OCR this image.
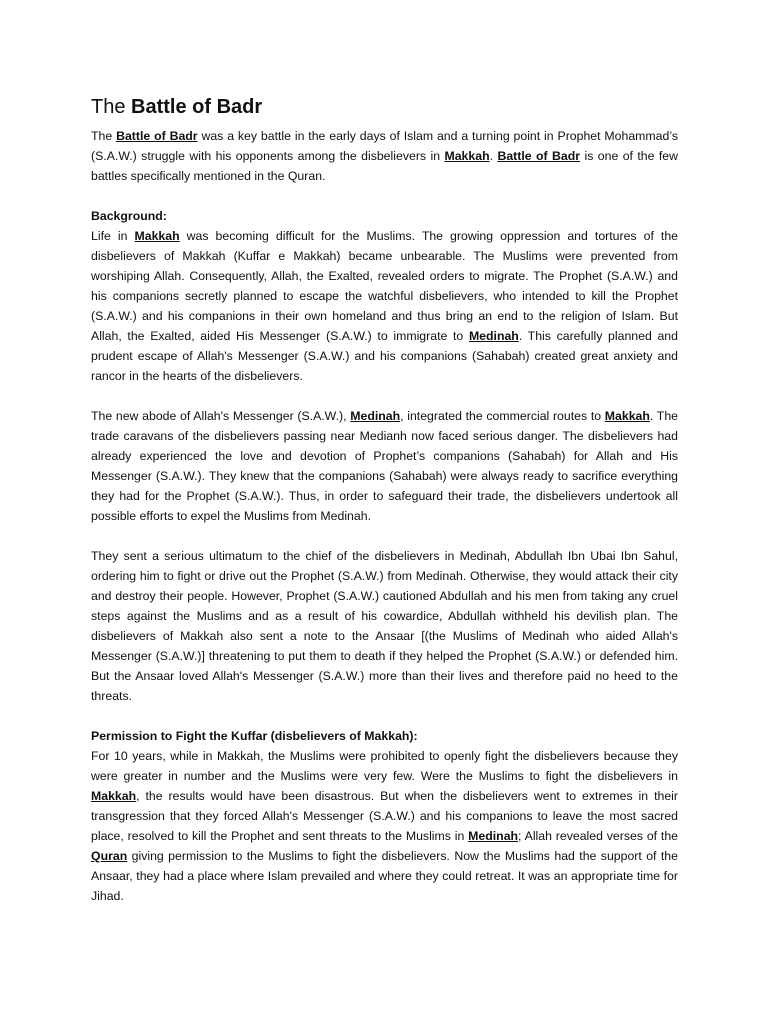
The Battle of Badr

The Battle of Badr was a key battle in the early days of Islam and a turning point in Prophet Mohammad’s (S.A.W.) struggle with his opponents among the disbelievers in Makkah. Battle of Badr is one of the few battles specifically mentioned in the Quran.

Background:
Life in Makkah was becoming difficult for the Muslims. The growing oppression and tortures of the disbelievers of Makkah (Kuffar e Makkah) became unbearable. The Muslims were prevented from worshiping Allah. Consequently, Allah, the Exalted, revealed orders to migrate. The Prophet (S.A.W.) and his companions secretly planned to escape the watchful disbelievers, who intended to kill the Prophet (S.A.W.) and his companions in their own homeland and thus bring an end to the religion of Islam. But Allah, the Exalted, aided His Messenger (S.A.W.) to immigrate to Medinah. This carefully planned and prudent escape of Allah's Messenger (S.A.W.) and his companions (Sahabah) created great anxiety and rancor in the hearts of the disbelievers.

The new abode of Allah's Messenger (S.A.W.), Medinah, integrated the commercial routes to Makkah. The trade caravans of the disbelievers passing near Medianh now faced serious danger. The disbelievers had already experienced the love and devotion of Prophet’s companions (Sahabah) for Allah and His Messenger (S.A.W.). They knew that the companions (Sahabah) were always ready to sacrifice everything they had for the Prophet (S.A.W.). Thus, in order to safeguard their trade, the disbelievers undertook all possible efforts to expel the Muslims from Medinah.

They sent a serious ultimatum to the chief of the disbelievers in Medinah, Abdullah Ibn Ubai Ibn Sahul, ordering him to fight or drive out the Prophet (S.A.W.) from Medinah. Otherwise, they would attack their city and destroy their people. However, Prophet (S.A.W.) cautioned Abdullah and his men from taking any cruel steps against the Muslims and as a result of his cowardice, Abdullah withheld his devilish plan. The disbelievers of Makkah also sent a note to the Ansaar [(the Muslims of Medinah who aided Allah's Messenger (S.A.W.)] threatening to put them to death if they helped the Prophet (S.A.W.) or defended him. But the Ansaar loved Allah's Messenger (S.A.W.) more than their lives and therefore paid no heed to the threats.

Permission to Fight the Kuffar (disbelievers of Makkah):
For 10 years, while in Makkah, the Muslims were prohibited to openly fight the disbelievers because they were greater in number and the Muslims were very few. Were the Muslims to fight the disbelievers in Makkah, the results would have been disastrous. But when the disbelievers went to extremes in their transgression that they forced Allah's Messenger (S.A.W.) and his companions to leave the most sacred place, resolved to kill the Prophet and sent threats to the Muslims in Medinah; Allah revealed verses of the Quran giving permission to the Muslims to fight the disbelievers. Now the Muslims had the support of the Ansaar, they had a place where Islam prevailed and where they could retreat. It was an appropriate time for Jihad.
